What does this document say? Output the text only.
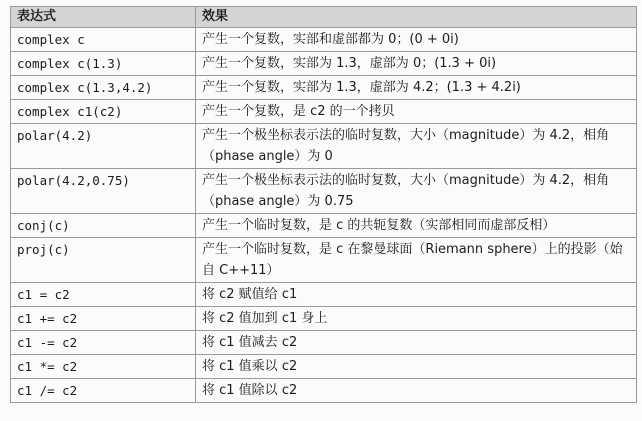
表达式	效果
complex c	产生一个复数，实部和虚部都为 0；(0 + 0i)
complex c(1.3)	产生一个复数，实部为 1.3，虚部为 0；(1.3 + 0i)
complex c(1.3,4.2)	产生一个复数，实部为 1.3，虚部为 4.2；(1.3 + 4.2i)
complex c1(c2)	产生一个复数，是 c2 的一个拷贝
polar(4.2)	产生一个极坐标表示法的临时复数，大小（magnitude）为 4.2，相角（phase angle）为 0
polar(4.2,0.75)	产生一个极坐标表示法的临时复数，大小（magnitude）为 4.2，相角（phase angle）为 0.75
conj(c)	产生一个临时复数，是 c 的共轭复数（实部相同而虚部反相）
proj(c)	产生一个临时复数，是 c 在黎曼球面（Riemann sphere）上的投影（始自 C++11）
c1 = c2	将 c2 赋值给 c1
c1 += c2	将 c2 值加到 c1 身上
c1 -= c2	将 c1 值减去 c2
c1 *= c2	将 c1 值乘以 c2
c1 /= c2	将 c1 值除以 c2
